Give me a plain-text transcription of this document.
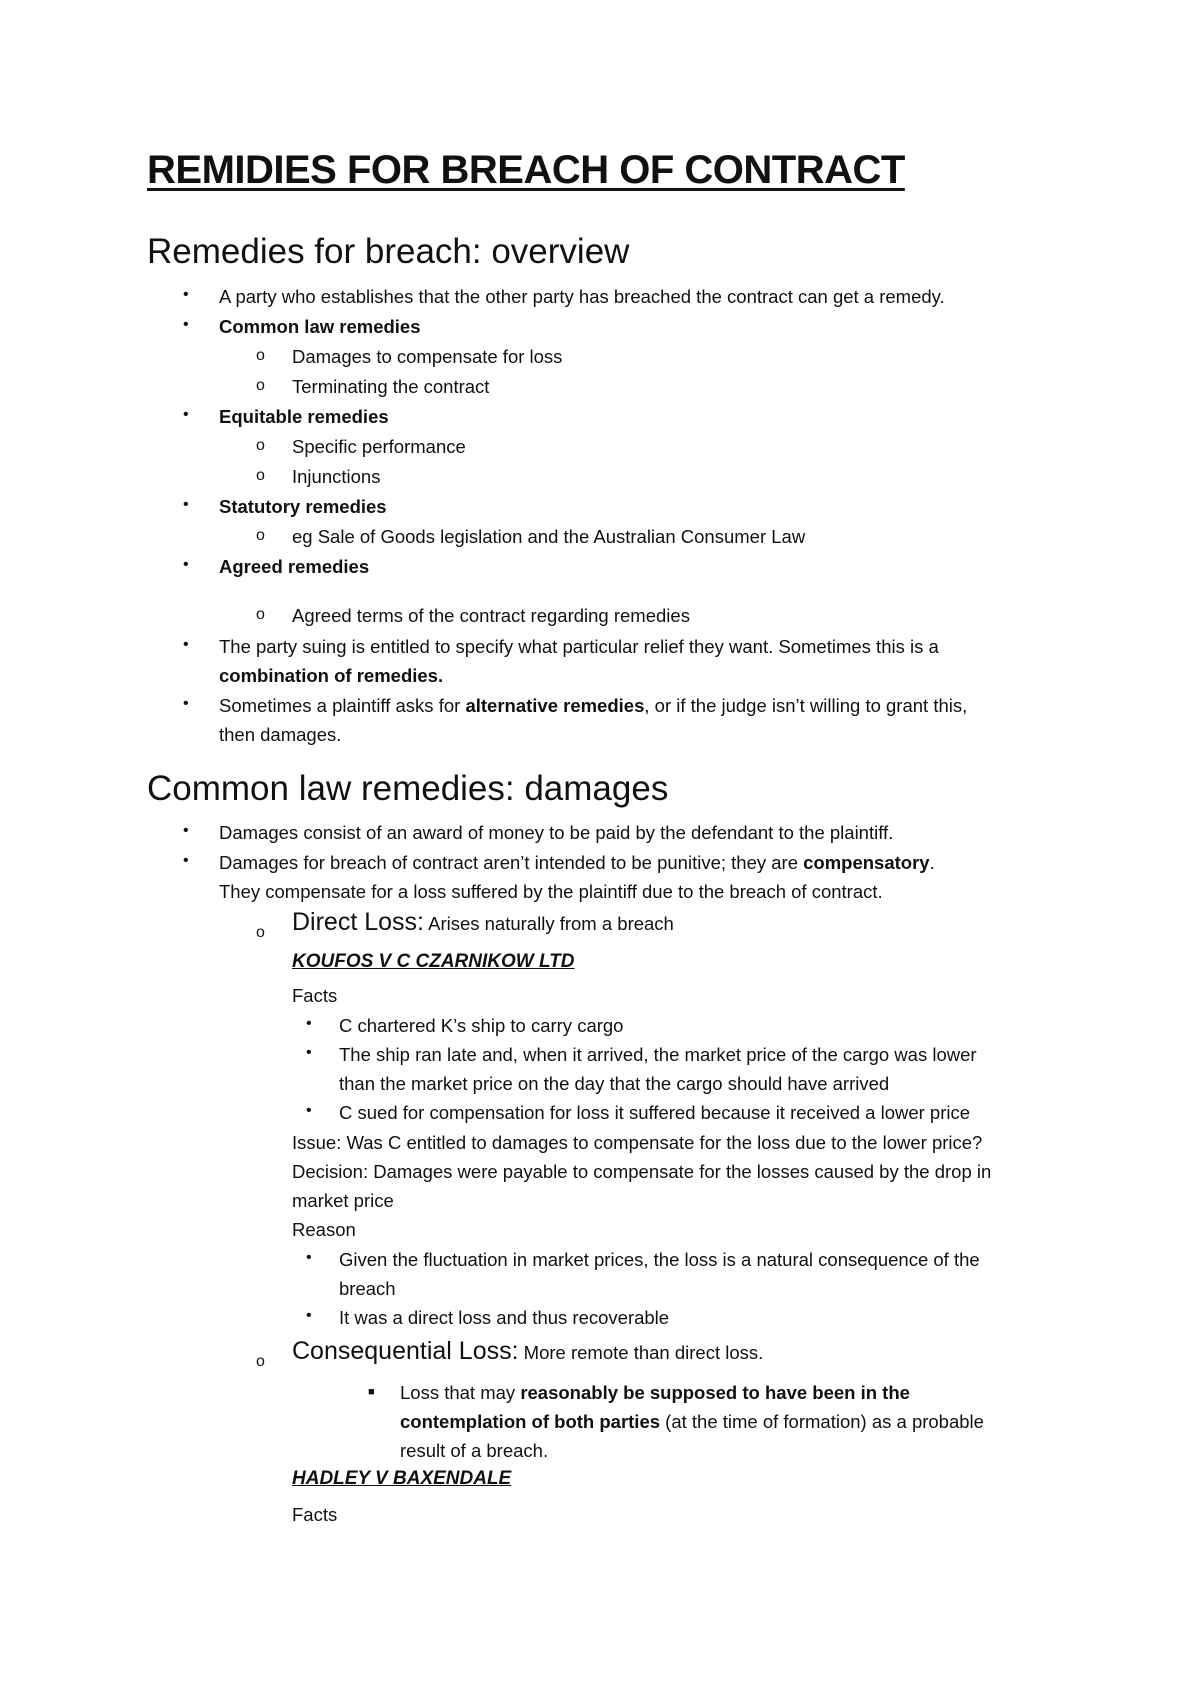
REMIDIES FOR BREACH OF CONTRACT
Remedies for breach: overview
• A party who establishes that the other party has breached the contract can get a remedy.
• Common law remedies
o Damages to compensate for loss
o Terminating the contract
• Equitable remedies
o Specific performance
o Injunctions
• Statutory remedies
o eg Sale of Goods legislation and the Australian Consumer Law
• Agreed remedies
o Agreed terms of the contract regarding remedies
• The party suing is entitled to specify what particular relief they want. Sometimes this is a
combination of remedies.
• Sometimes a plaintiff asks for alternative remedies, or if the judge isn’t willing to grant this,
then damages.
Common law remedies: damages
• Damages consist of an award of money to be paid by the defendant to the plaintiff.
• Damages for breach of contract aren’t intended to be punitive; they are compensatory.
They compensate for a loss suffered by the plaintiff due to the breach of contract.
o Direct Loss: Arises naturally from a breach
KOUFOS V C CZARNIKOW LTD
Facts
• C chartered K’s ship to carry cargo
• The ship ran late and, when it arrived, the market price of the cargo was lower
than the market price on the day that the cargo should have arrived
• C sued for compensation for loss it suffered because it received a lower price
Issue: Was C entitled to damages to compensate for the loss due to the lower price?
Decision: Damages were payable to compensate for the losses caused by the drop in
market price
Reason
• Given the fluctuation in market prices, the loss is a natural consequence of the
breach
• It was a direct loss and thus recoverable
o Consequential Loss: More remote than direct loss.
■ Loss that may reasonably be supposed to have been in the
contemplation of both parties (at the time of formation) as a probable
result of a breach.
HADLEY V BAXENDALE
Facts
